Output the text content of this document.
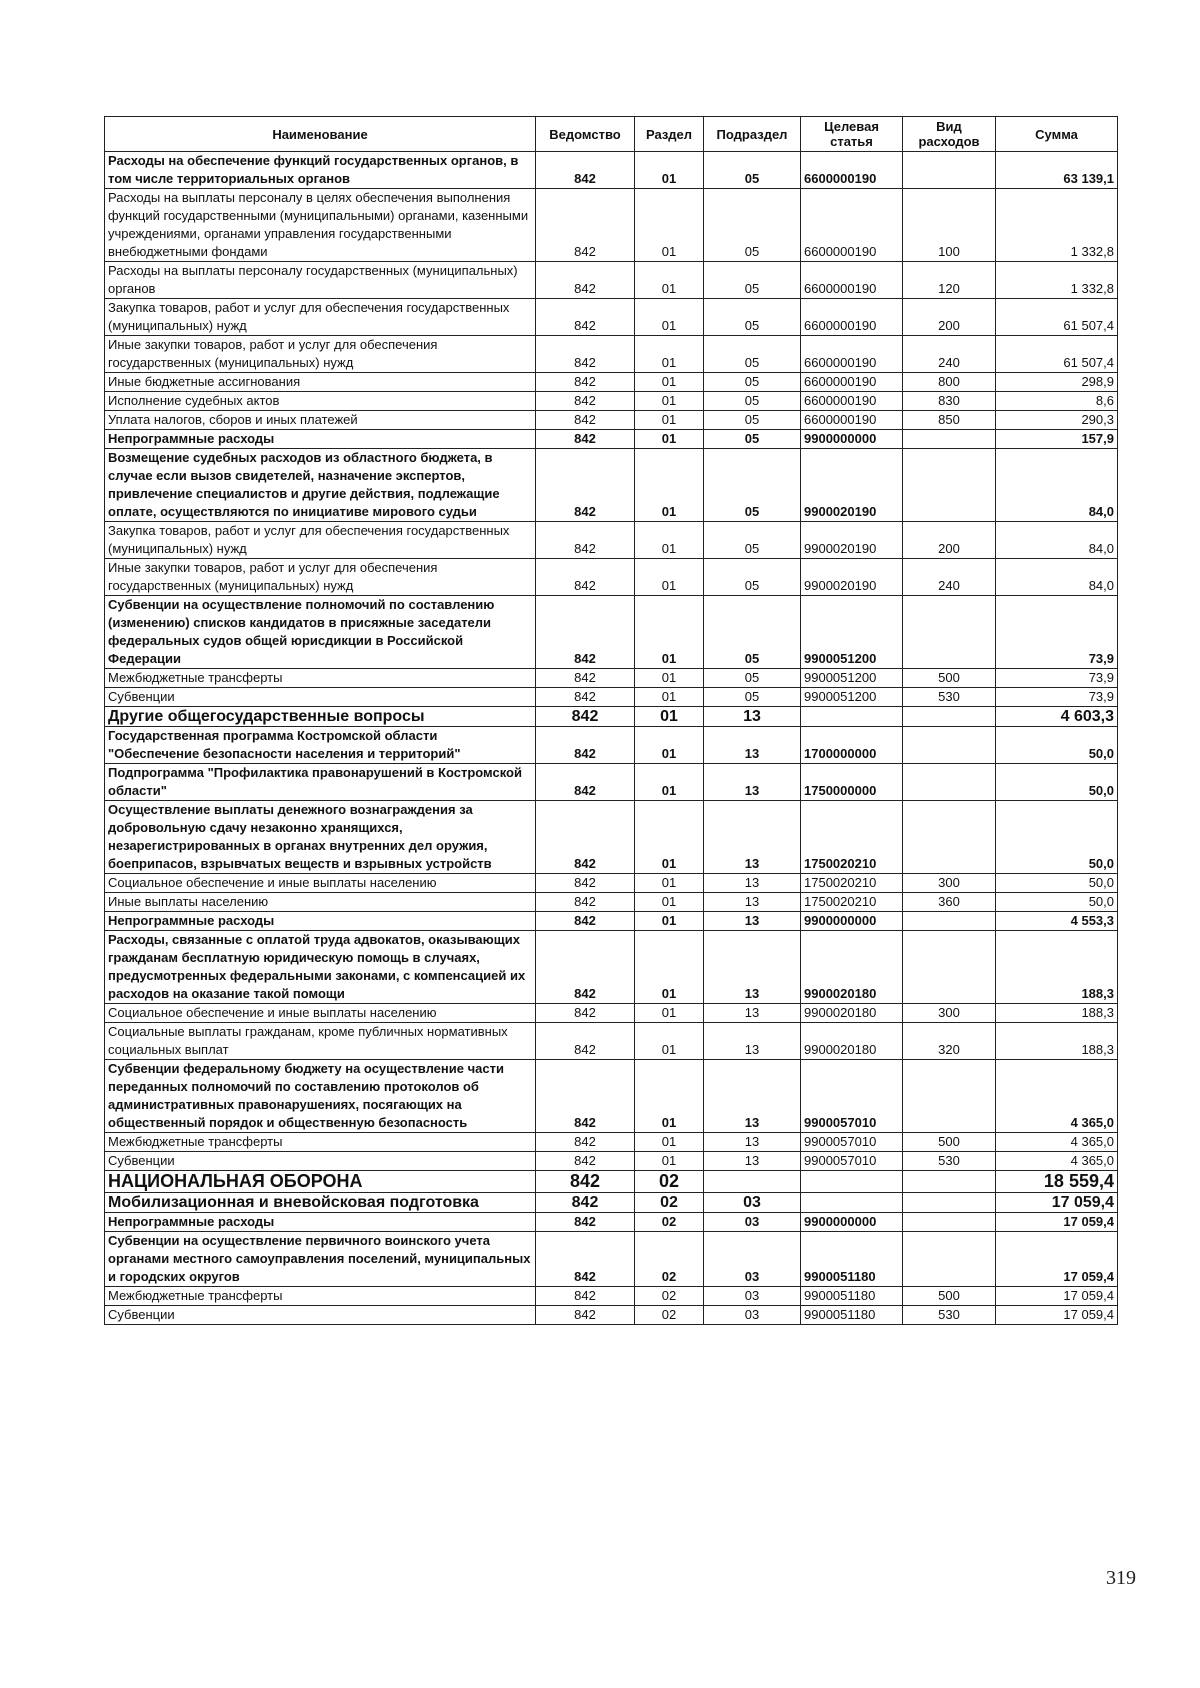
Наименование	Ведомство	Раздел	Подраздел	Целевая статья	Вид расходов	Сумма
Расходы на обеспечение функций государственных органов, в том числе территориальных органов	842	01	05	6600000190		63 139,1
Расходы на выплаты персоналу в целях обеспечения выполнения функций государственными (муниципальными) органами, казенными учреждениями, органами управления государственными внебюджетными фондами	842	01	05	6600000190	100	1 332,8
Расходы на выплаты персоналу государственных (муниципальных) органов	842	01	05	6600000190	120	1 332,8
Закупка товаров, работ и услуг для обеспечения государственных (муниципальных) нужд	842	01	05	6600000190	200	61 507,4
Иные закупки товаров, работ и услуг для обеспечения государственных (муниципальных) нужд	842	01	05	6600000190	240	61 507,4
Иные бюджетные ассигнования	842	01	05	6600000190	800	298,9
Исполнение судебных актов	842	01	05	6600000190	830	8,6
Уплата налогов, сборов и иных платежей	842	01	05	6600000190	850	290,3
Непрограммные расходы	842	01	05	9900000000		157,9
Возмещение судебных расходов из областного бюджета, в случае если вызов свидетелей, назначение экспертов, привлечение специалистов и другие действия, подлежащие оплате, осуществляются по инициативе мирового судьи	842	01	05	9900020190		84,0
Закупка товаров, работ и услуг для обеспечения государственных (муниципальных) нужд	842	01	05	9900020190	200	84,0
Иные закупки товаров, работ и услуг для обеспечения государственных (муниципальных) нужд	842	01	05	9900020190	240	84,0
Субвенции на осуществление полномочий по составлению (изменению) списков кандидатов в присяжные заседатели федеральных судов общей юрисдикции в Российской Федерации	842	01	05	9900051200		73,9
Межбюджетные трансферты	842	01	05	9900051200	500	73,9
Субвенции	842	01	05	9900051200	530	73,9
Другие общегосударственные вопросы	842	01	13			4 603,3
Государственная программа Костромской области "Обеспечение безопасности населения и территорий"	842	01	13	1700000000		50,0
Подпрограмма "Профилактика правонарушений в Костромской области"	842	01	13	1750000000		50,0
Осуществление выплаты денежного вознаграждения за добровольную сдачу незаконно хранящихся, незарегистрированных в органах внутренних дел оружия, боеприпасов, взрывчатых веществ и взрывных устройств	842	01	13	1750020210		50,0
Социальное обеспечение и иные выплаты населению	842	01	13	1750020210	300	50,0
Иные выплаты населению	842	01	13	1750020210	360	50,0
Непрограммные расходы	842	01	13	9900000000		4 553,3
Расходы, связанные с оплатой труда адвокатов, оказывающих гражданам бесплатную юридическую помощь в случаях, предусмотренных федеральными законами, с компенсацией их расходов на оказание такой помощи	842	01	13	9900020180		188,3
Социальное обеспечение и иные выплаты населению	842	01	13	9900020180	300	188,3
Социальные выплаты гражданам, кроме публичных нормативных социальных выплат	842	01	13	9900020180	320	188,3
Субвенции федеральному бюджету на осуществление части переданных полномочий по составлению протоколов об административных правонарушениях, посягающих на общественный порядок и общественную безопасность	842	01	13	9900057010		4 365,0
Межбюджетные трансферты	842	01	13	9900057010	500	4 365,0
Субвенции	842	01	13	9900057010	530	4 365,0
НАЦИОНАЛЬНАЯ ОБОРОНА	842	02				18 559,4
Мобилизационная и вневойсковая подготовка	842	02	03			17 059,4
Непрограммные расходы	842	02	03	9900000000		17 059,4
Субвенции на осуществление первичного воинского учета органами местного самоуправления поселений, муниципальных и городских округов	842	02	03	9900051180		17 059,4
Межбюджетные трансферты	842	02	03	9900051180	500	17 059,4
Субвенции	842	02	03	9900051180	530	17 059,4
319
